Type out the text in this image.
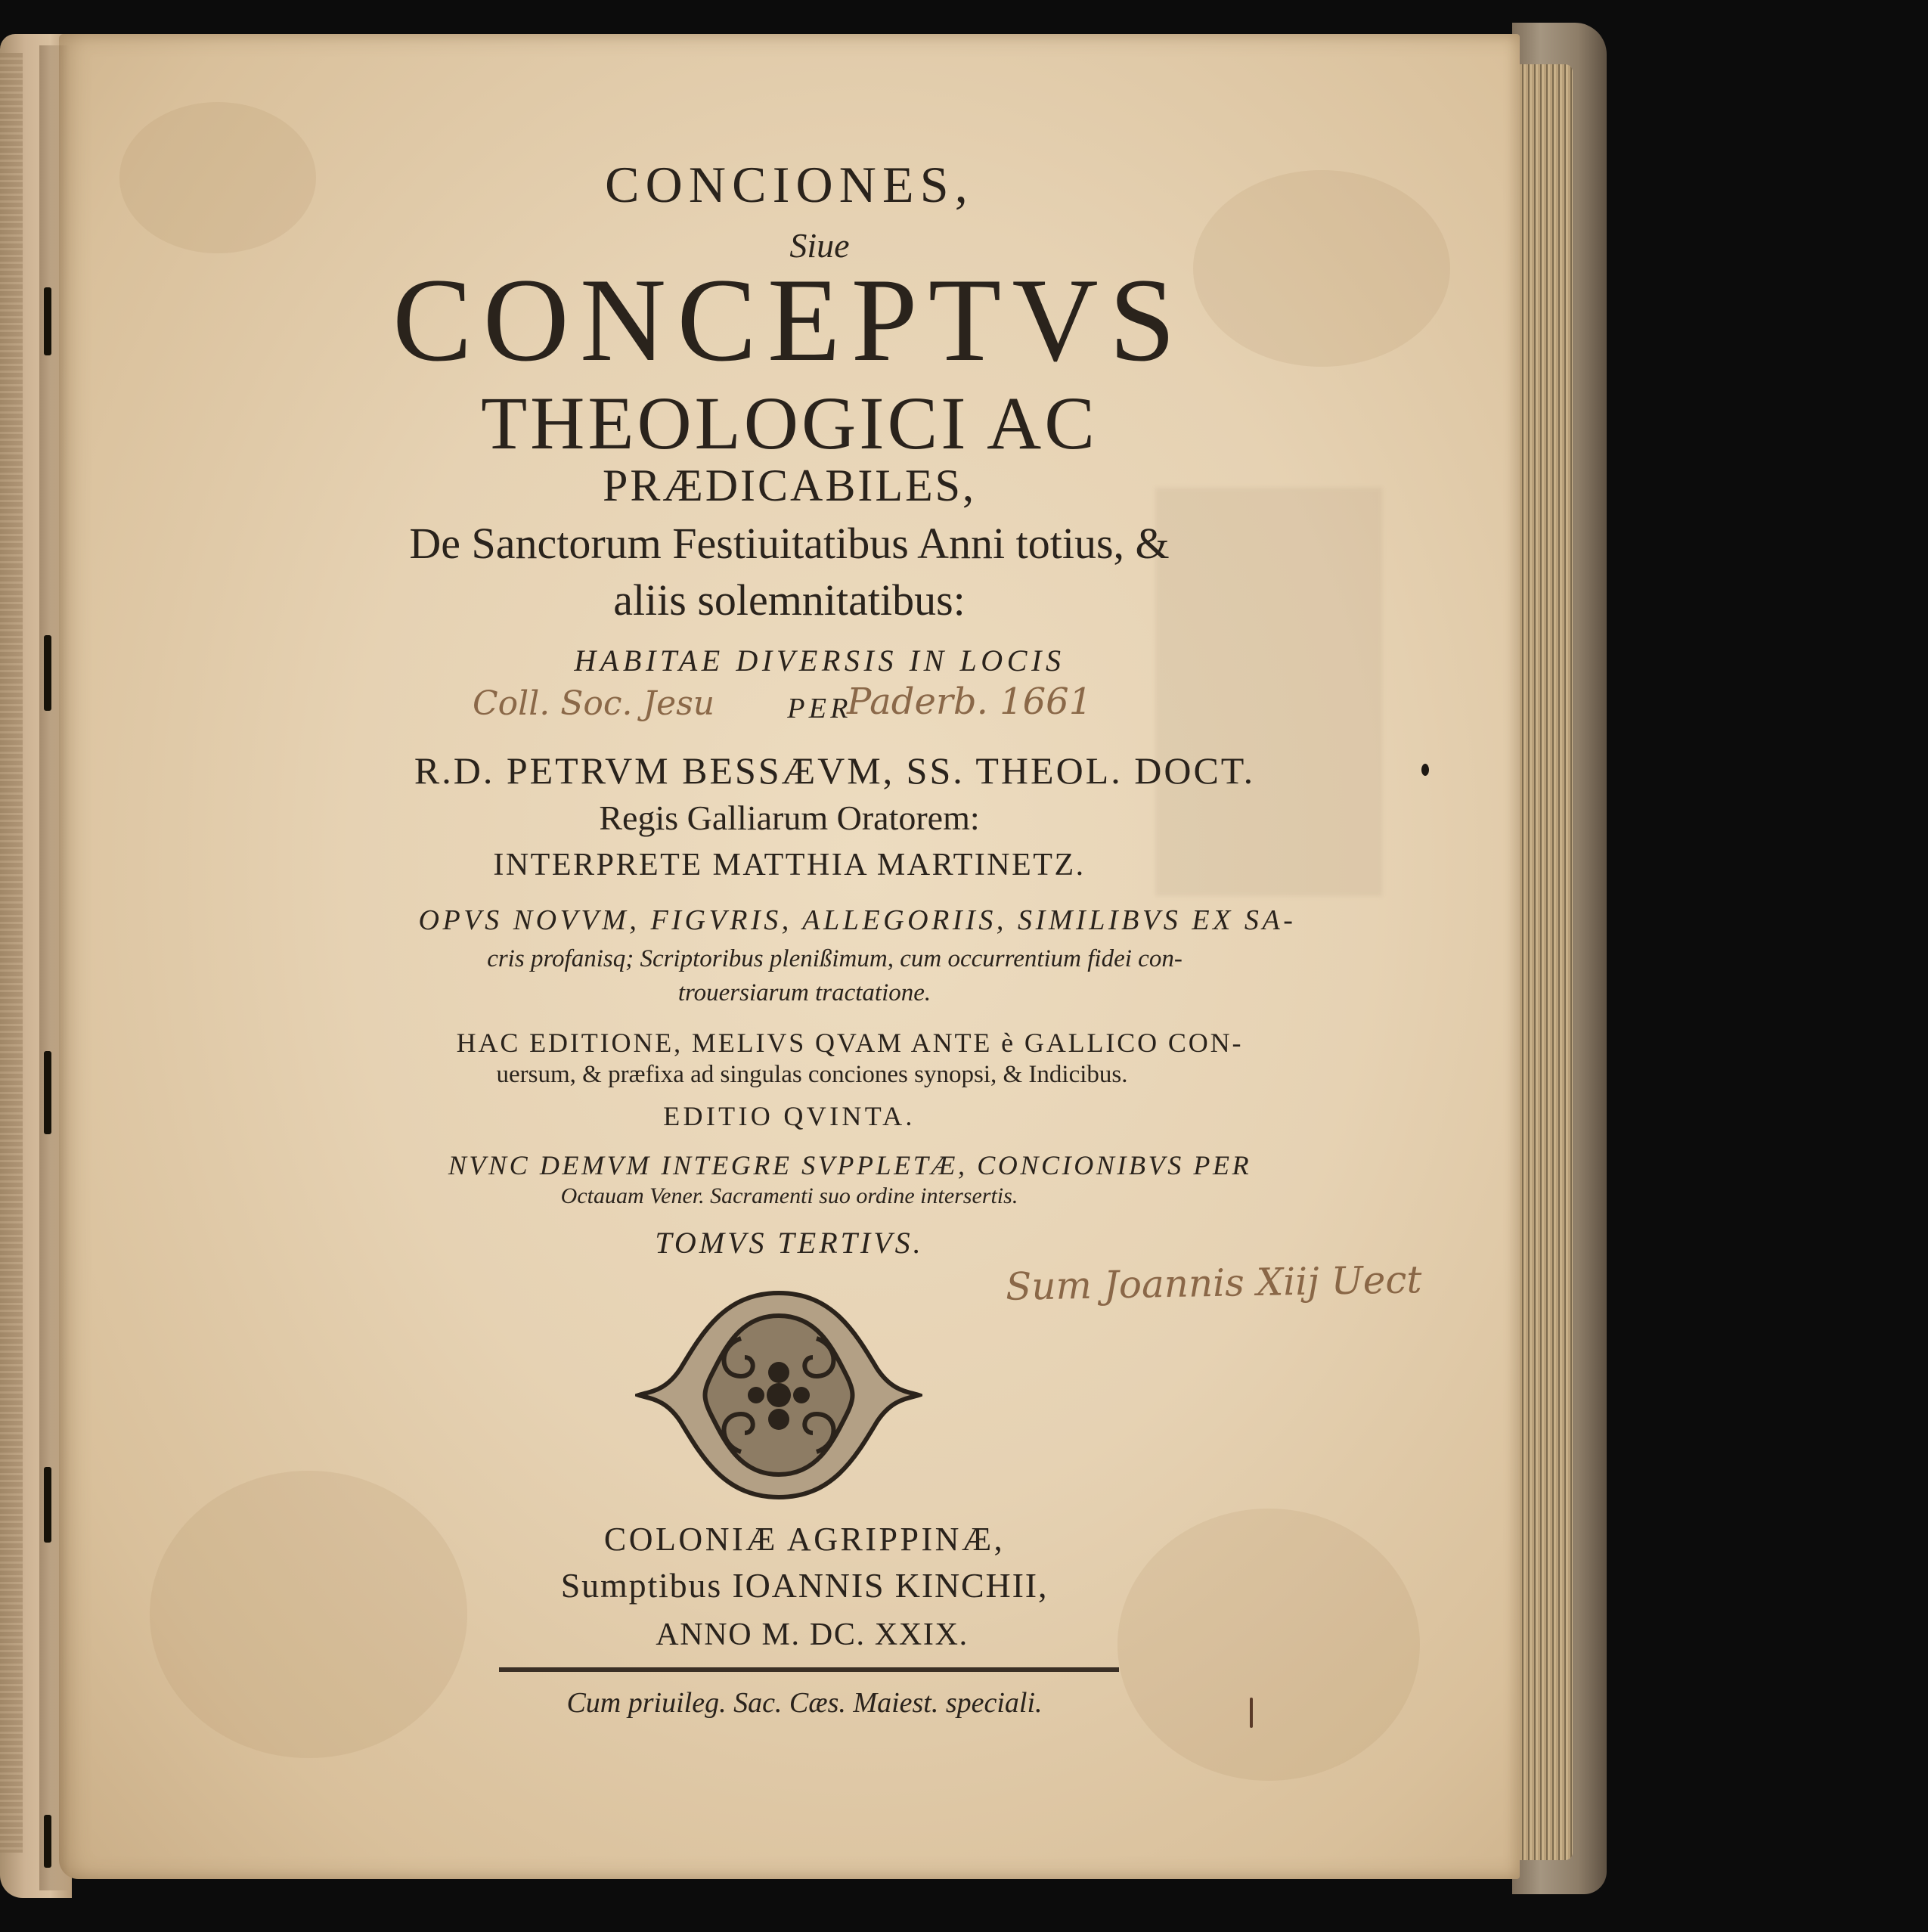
CONCIONES,
Siue
CONCEPTVS
THEOLOGICI AC
PRÆDICABILES,
De Sanctorum Festiuitatibus Anni totius, &
aliis solemnitatibus:
HABITAE DIVERSIS IN LOCIS
PER
Coll. Soc. Jesu	Paderb. 1661
R.D. PETRVM BESSÆVM, SS. THEOL. DOCT.
Regis Galliarum Oratorem:
INTERPRETE MATTHIA MARTINETZ.
OPVS NOVVM, FIGVRIS, ALLEGORIIS, SIMILIBVS EX SA-
cris profanisq; Scriptoribus plenißimum, cum occurrentium fidei con-
trouersiarum tractatione.
HAC EDITIONE, MELIVS QVAM ANTE è GALLICO CON-
uersum, & præfixa ad singulas conciones synopsi, & Indicibus.
EDITIO QVINTA.
NVNC DEMVM INTEGRE SVPPLETÆ, CONCIONIBVS PER
Octauam Vener. Sacramenti suo ordine intersertis.
TOMVS TERTIVS.
Sum Joannis Xiij Uect
COLONIÆ AGRIPPINÆ,
Sumptibus IOANNIS KINCHII,
ANNO M. DC. XXIX.
Cum priuileg. Sac. Cæs. Maiest. speciali.
